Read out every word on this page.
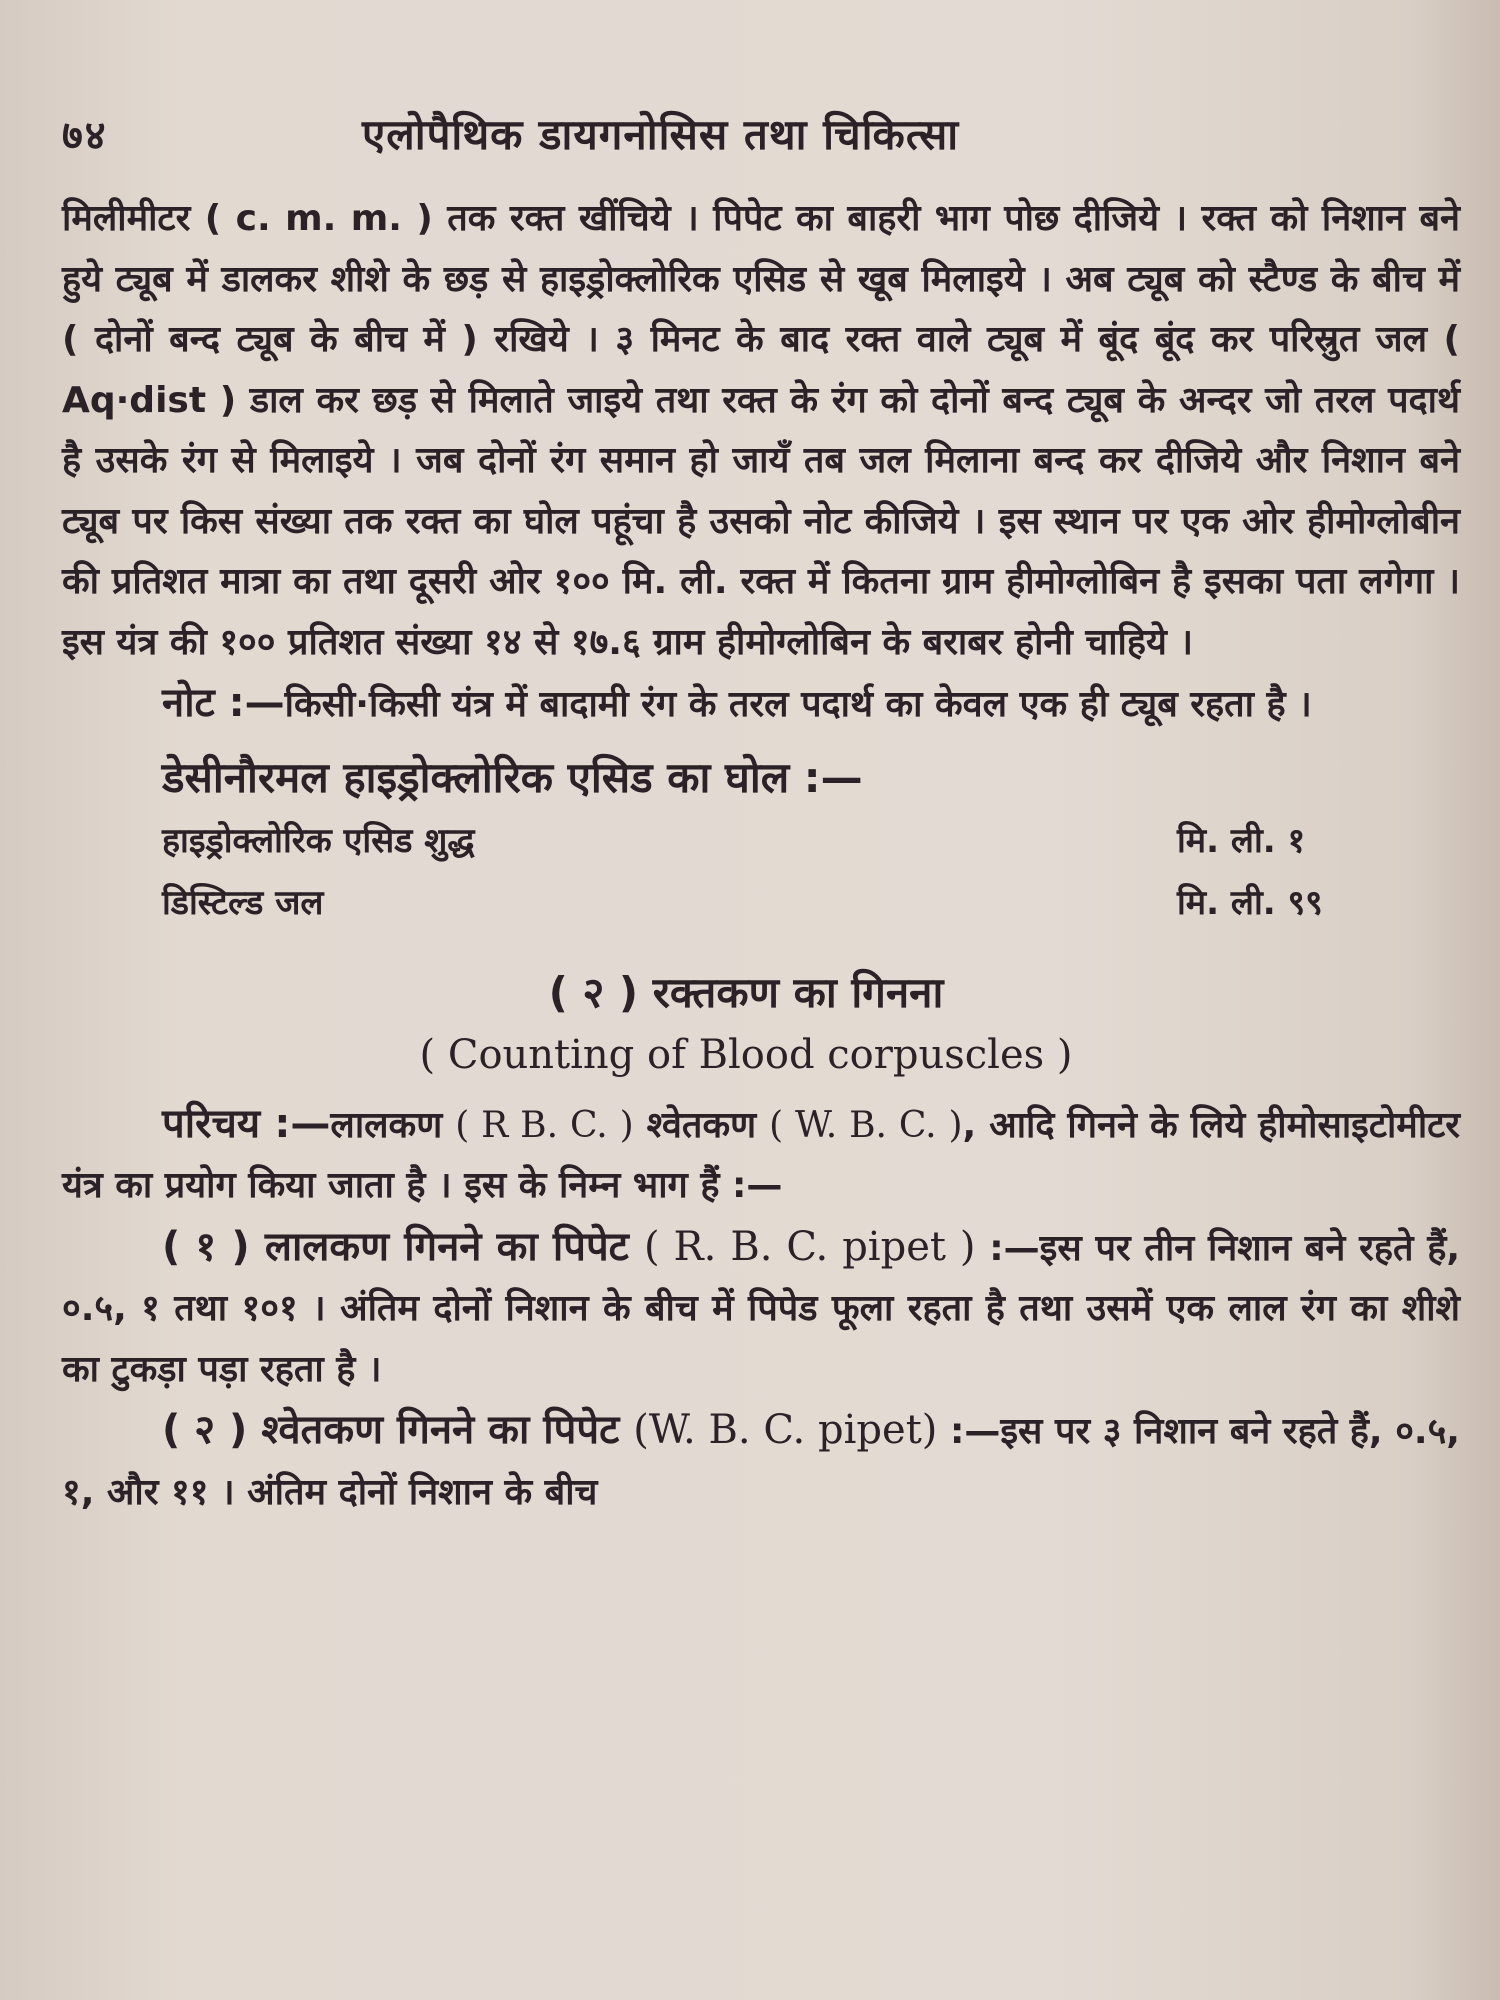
७४	एलोपैथिक डायगनोसिस तथा चिकित्सा

मिलीमीटर ( c. m. m. ) तक रक्त खींचिये । पिपेट का बाहरी भाग पोछ दीजिये । रक्त को निशान बने हुये ट्यूब में डालकर शीशे के छड़ से हाइड्रोक्लोरिक एसिड से खूब मिलाइये । अब ट्यूब को स्टैण्ड के बीच में ( दोनों बन्द ट्यूब के बीच में ) रखिये । ३ मिनट के बाद रक्त वाले ट्यूब में बूंद बूंद कर परिस्रुत जल ( Aq·dist ) डाल कर छड़ से मिलाते जाइये तथा रक्त के रंग को दोनों बन्द ट्यूब के अन्दर जो तरल पदार्थ है उसके रंग से मिलाइये । जब दोनों रंग समान हो जायँ तब जल मिलाना बन्द कर दीजिये और निशान बने ट्यूब पर किस संख्या तक रक्त का घोल पहूंचा है उसको नोट कीजिये । इस स्थान पर एक ओर हीमोग्लोबीन की प्रतिशत मात्रा का तथा दूसरी ओर १०० मि. ली. रक्त में कितना ग्राम हीमोग्लोबिन है इसका पता लगेगा । इस यंत्र की १०० प्रतिशत संख्या १४ से १७.६ ग्राम हीमोग्लोबिन के बराबर होनी चाहिये ।

नोट :—किसी·किसी यंत्र में बादामी रंग के तरल पदार्थ का केवल एक ही ट्यूब रहता है ।

डेसीनौरमल हाइड्रोक्लोरिक एसिड का घोल :—
हाइड्रोक्लोरिक एसिड शुद्ध	मि. ली. १
डिस्टिल्ड जल	मि. ली. ९९
( २ ) रक्तकण का गिनना
( Counting of Blood corpuscles )

परिचय :—लालकण ( R B. C. ) श्वेतकण ( W. B. C. ), आदि गिनने के लिये हीमोसाइटोमीटर यंत्र का प्रयोग किया जाता है । इस के निम्न भाग हैं :—

( १ ) लालकण गिनने का पिपेट ( R. B. C. pipet ) :—इस पर तीन निशान बने रहते हैं, ०.५, १ तथा १०१ । अंतिम दोनों निशान के बीच में पिपेड फूला रहता है तथा उसमें एक लाल रंग का शीशे का टुकड़ा पड़ा रहता है ।

( २ ) श्वेतकण गिनने का पिपेट (W. B. C. pipet) :—इस पर ३ निशान बने रहते हैं, ०.५, १, और ११ । अंतिम दोनों निशान के बीच
